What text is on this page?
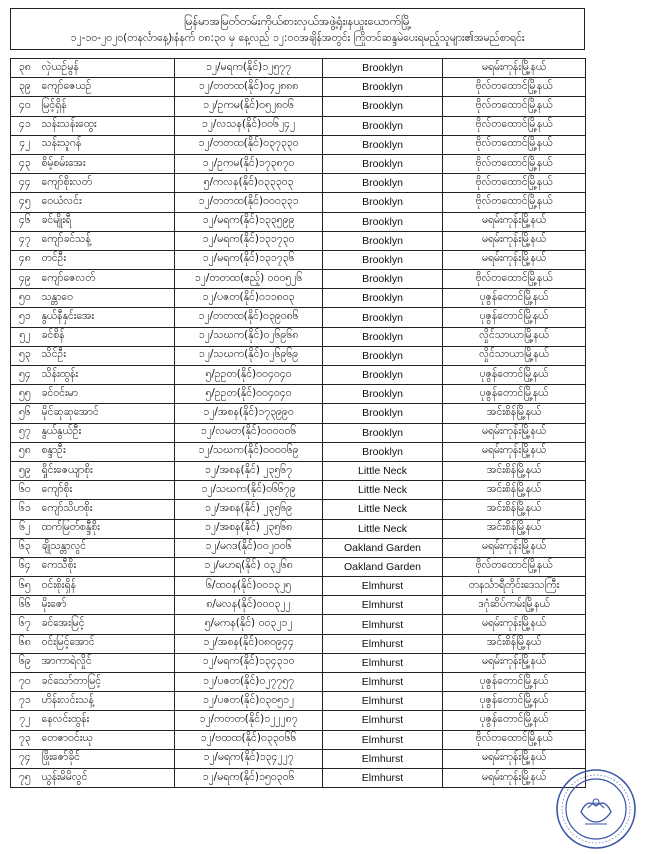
မြန်မာအမြတ်တမ်းကိုယ်စားလှယ်အဖွဲ့ရုံး၊နယူးယောက်မြို့
၁၂-၁၀-၂၀၂၀(တနင်္လာနေ့)၊နံနက် ၀၈:၃၀ မှ နေ့လည် ၁၂:၀၀အချိန်အတွင်း ကြိုတင်ဆန္ဒမဲပေးရမည့်သူများ၏အမည်စာရင်း
၃၈	လှဲယဉ်မွန်	၁၂/မရက(နိုင်)၁၂၅၇၇	Brooklyn	မရမ်းကုန်းမြို့နယ်
၃၉	ကျော်ဇေယဉ်	၁၂/တတထ(နိုင်)၀၄၂၈၈၈	Brooklyn	ဗိုလ်တထောင်မြို့နယ်
၄၀	မြင့်ရှိန်	၁၂/ဥကမ(နိုင်)၀၅၂၈၀၆	Brooklyn	ဗိုလ်တထောင်မြို့နယ်
၄၁	သန်းသန်းထွေး	၁၂/လသန(နိုင်)၀၀၆၂၄၂	Brooklyn	ဗိုလ်တထောင်မြို့နယ်
၄၂	သန်းသူဂန်	၁၂/တတထ(နိုင်)၀၃၇၃၃၀	Brooklyn	ဗိုလ်တထောင်မြို့နယ်
၄၃	စိမ့်စမ်းအေး	၁၂/ဥကမ(နိုင်)၁၇၃၈၇၀	Brooklyn	ဗိုလ်တထောင်မြို့နယ်
၄၄	ကျော်စိုးလတ်	၅/ကလန(နိုင်)၀၃၃၃၀၃	Brooklyn	ဗိုလ်တထောင်မြို့နယ်
၄၅	ဝေယံလင်း	၁၂/တတထ(နိုင်)၀၀၀၃၃၁	Brooklyn	ဗိုလ်တထောင်မြို့နယ်
၄၆	ခင်မျိုးရီ	၁၂/မရက(နိုင်)၁၃၃၅၉၉	Brooklyn	မရမ်းကုန်းမြို့နယ်
၄၇	ကျော်ခင်သန့်	၁၂/မရက(နိုင်)၁၃၁၇၃၀	Brooklyn	မရမ်းကုန်းမြို့နယ်
၄၈	တင်ဦး	၁၂/မရက(နိုင်)၁၃၁၇၃၆	Brooklyn	မရမ်းကုန်းမြို့နယ်
၄၉	ကျော်ဇေလတ်	၁၂/တတထ(ဧည့်) ၀၀၀၅၂၆	Brooklyn	ဗိုလ်တထောင်မြို့နယ်
၅၀	သန္တာဝေ	၁၂/ပဇတ(နိုင်)၀၁၁၈၀၃	Brooklyn	ပုဇွန်တောင်မြို့နယ်
၅၁	နွယ်နီနှင်းအေး	၁၂/တတထ(နိုင်)၀၃၉၀၈၆	Brooklyn	ပုဇွန်တောင်မြို့နယ်
၅၂	ခင်စိန်	၁၂/သဃက(နိုင်)၀၂၆၉၆၈	Brooklyn	လှိုင်သာယာမြို့နယ်
၅၃	သိင်ဦး	၁၂/သဃက(နိုင်)၀၂၆၉၆၉	Brooklyn	လှိုင်သာယာမြို့နယ်
၅၄	သိန်းထွန်း	၅/ဥဥတ(နိုင်)၀၀၄၀၄၀	Brooklyn	ပုဇွန်တောင်မြို့နယ်
၅၅	ခင်ဝင်းမာ	၅/ဥဥတ(နိုင်)၀၀၄၀၄၀	Brooklyn	ပုဇွန်တောင်မြို့နယ်
၅၆	မိုင်ဆုဆုအောင်	၁၂/အစန(နိုင်)၁၇၃၉၉၀	Brooklyn	အင်းစိန်မြို့နယ်
၅၇	နွယ်နွယ်ဦး	၁၂/လမတ(နိုင်)၀၀၀၀၀၆	Brooklyn	မရမ်းကုန်းမြို့နယ်
၅၈	စန္ဒာဦး	၁၂/သဃက(နိုင်)၀၀၀၀၆၉	Brooklyn	မရမ်းကုန်းမြို့နယ်
၅၉	ရှိုင်းဇေယျာစိုး	၁၂/အစန(နိုင်) ၂၃၅၆၇	Little Neck	အင်းစိန်မြို့နယ်
၆၀	ကျော်စိုး	၁၂/သဃက(နိုင်)၀၆၆၇၉	Little Neck	အင်းစိန်မြို့နယ်
၆၁	ကျော်သိဟစိုး	၁၂/အစန(နိုင်) ၂၃၅၆၉	Little Neck	အင်းစိန်မြို့နယ်
၆၂	ထက်မြတ်စန္ဒီစိုး	၁၂/အစန(နိုင်) ၂၃၅၆၈	Little Neck	အင်းစိန်မြို့နယ်
၆၃	ချိုသန္တာလွင်	၁၂/မဂဒ(နိုင်)၀၀၂၀၀၆	Oakland Garden	မရမ်းကုန်းမြို့နယ်
၆၄	ကေသီစိုး	၁၂/မဟရ(နိုင်) ၀၃၂၆၈	Oakland Garden	ဗိုလ်တထောင်မြို့နယ်
၆၅	ဝင်းစိုးရှိန်	၆/ထဝန(နိုင်)၀၀၁၃၂၅	Elmhurst	တနင်္သာရီတိုင်းဒေသကြီး
၆၆	မိုးဇော်	၈/မလန(နိုင်)၀၀၀၃၂၂	Elmhurst	ဒဂုံဆိပ်ကမ်းမြို့နယ်
၆၇	ခင်အေးမြင့်	၅/မကန(နိုင်) ၀၀၃၂၁၂	Elmhurst	မရမ်းကုန်းမြို့နယ်
၆၈	ဝင်းမြင့်အောင်	၁၂/အစန(နိုင်)၀၈၀၉၄၄	Elmhurst	အင်းစိန်မြို့နယ်
၆၉	အာကာရဲလှိုင်	၁၂/မရက(နိုင်)၁၃၄၃၁၀	Elmhurst	မရမ်းကုန်းမြို့နယ်
၇၀	ခင်သော်တာမြင့်	၁၂/ပဇတ(နိုင်)၀၂၇၇၅၇	Elmhurst	ပုဇွန်တောင်မြို့နယ်
၇၁	ဟိန်းလင်းသန့်	၁၂/ပဇတ(နိုင်)၀၃၀၅၁၂	Elmhurst	ပုဇွန်တောင်မြို့နယ်
၇၂	နေလင်းထွန်း	၁၂/ကတတ(နိုင်)၁၂၂၂၈၇	Elmhurst	ပုဇွန်တောင်မြို့နယ်
၇၃	တေဇာဝင်းယု	၁၂/ဗထထ(နိုင်)၀၃၃၀၆၆	Elmhurst	ဗိုလ်တထောင်မြို့နယ်
၇၄	ဖြိုးဇော်ခိုင်	၁၂/မရက(နိုင်)၁၃၄၂၂၇	Elmhurst	မရမ်းကုန်းမြို့နယ်
၇၅	ယွန်းမိမိလွင်	၁၂/မရက(နိုင်)၁၅၀၃၀၆	Elmhurst	မရမ်းကုန်းမြို့နယ်
